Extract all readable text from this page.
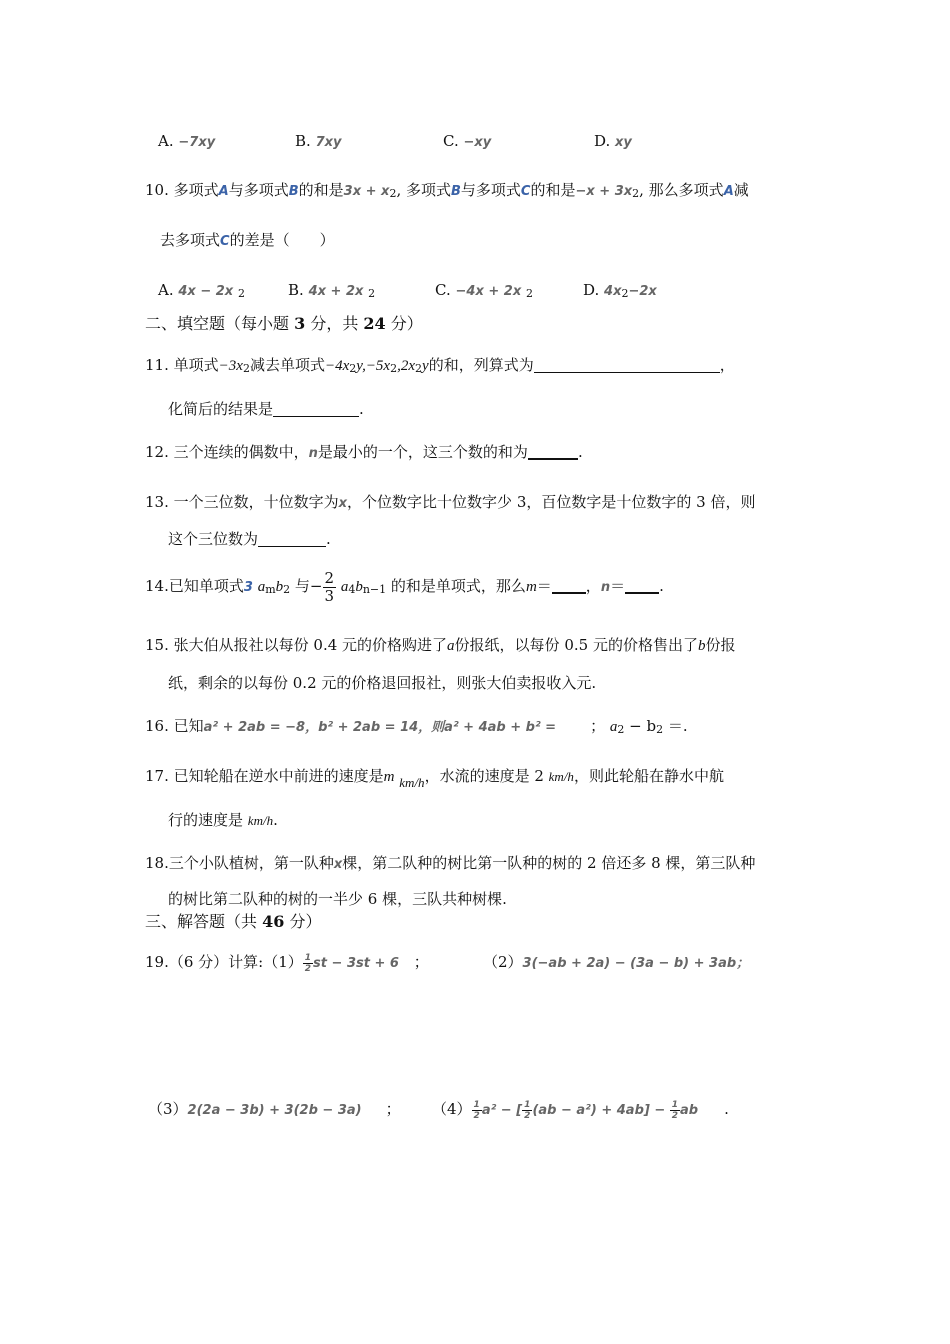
A. −7xy	B. 7xy	C. −xy	D. xy
10. 多项式A与多项式B的和是3x + x2, 多项式B与多项式C的和是−x + 3x2, 那么多项式A减
去多项式C的差是（　　）
A. 4x − 2x 2	B. 4x + 2x 2	C. −4x + 2x 2	D. 4x2−2x
二、填空题（每小题 3 分，共 24 分）
11. 单项式−3x2减去单项式−4x2y,−5x2,2x2y的和，列算式为	，
化简后的结果是	.
12. 三个连续的偶数中，n是最小的一个，这三个数的和为	.
13. 一个三位数，十位数字为x，个位数字比十位数字少 3，百位数字是十位数字的 3 倍，则
这个三位数为	.
14.已知单项式3 amb2 与− $\frac{2}{3} a4bn-1$ 的和是单项式，那么m＝ ，n＝ .
15. 张大伯从报社以每份 0.4 元的价格购进了a份报纸，以每份 0.5 元的价格售出了b份报
纸，剩余的以每份 0.2 元的价格退回报社，则张大伯卖报收入元.
16. 已知a² + 2ab = −8，b² + 2ab = 14，则a² + 4ab + b² = ； a2 − b2 ＝.
17. 已知轮船在逆水中前进的速度是m km/h，水流的速度是 2 km/h，则此轮船在静水中航
行的速度是 km/h.
18.三个小队植树，第一队种x棵，第二队种的树比第一队种的树的 2 倍还多 8 棵，第三队种
的树比第二队种的树的一半少 6 棵，三队共种树棵.
三、解答题（共 46 分）
19.（6 分）计算:（1） $\frac{1}{2}$ st − 3st + 6 ；	（2）3(−ab + 2a) − (3a − b) + 3ab；
（3）2(2a − 3b) + 3(2b − 3a) ； $(4) \frac{1}{2} a^2$ − [ $\frac{1}{2} (ab - a^2) + 4ab] - \frac{1}{2}$ ab .
